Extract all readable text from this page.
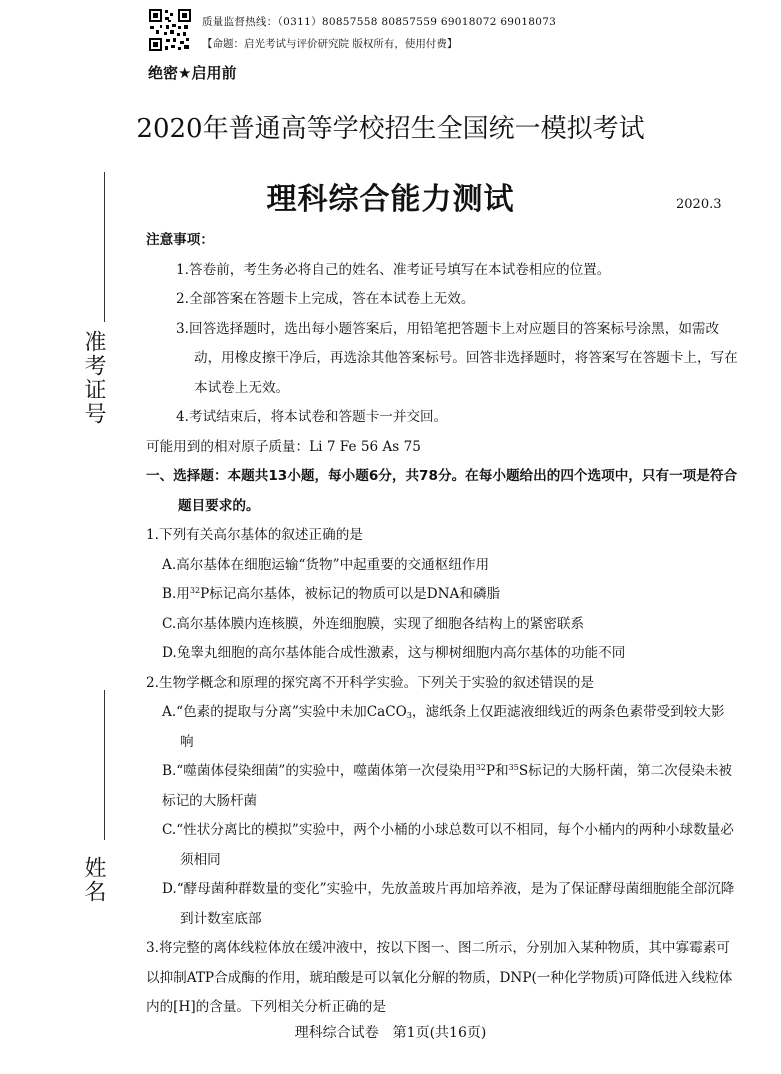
质量监督热线：（0311）80857558 80857559 69018072 69018073
【命题：启光考试与评价研究院 版权所有，使用付费】
绝密★启用前
2020年普通高等学校招生全国统一模拟考试
理科综合能力测试	2020.3
准考证号
姓名

注意事项：

1.答卷前，考生务必将自己的姓名、准考证号填写在本试卷相应的位置。

2.全部答案在答题卡上完成，答在本试卷上无效。

3.回答选择题时，选出每小题答案后，用铅笔把答题卡上对应题目的答案标号涂黑，如需改动，用橡皮擦干净后，再选涂其他答案标号。回答非选择题时，将答案写在答题卡上，写在本试卷上无效。

4.考试结束后，将本试卷和答题卡一并交回。

可能用到的相对原子质量：Li 7 Fe 56 As 75

一、选择题：本题共13小题，每小题6分，共78分。在每小题给出的四个选项中，只有一项是符合题目要求的。

1.下列有关高尔基体的叙述正确的是

A.高尔基体在细胞运输“货物”中起重要的交通枢纽作用

B.用$^{32}$P标记高尔基体，被标记的物质可以是DNA和磷脂

C.高尔基体膜内连核膜，外连细胞膜，实现了细胞各结构上的紧密联系

D.兔睾丸细胞的高尔基体能合成性激素，这与柳树细胞内高尔基体的功能不同

2.生物学概念和原理的探究离不开科学实验。下列关于实验的叙述错误的是

A.“色素的提取与分离”实验中未加CaCO$_3$，滤纸条上仅距滤液细线近的两条色素带受到较大影响

B.“噬菌体侵染细菌”的实验中，噬菌体第一次侵染用$^{32}$P和$^{35}$S标记的大肠杆菌，第二次侵染未被标记的大肠杆菌

C.“性状分离比的模拟”实验中，两个小桶的小球总数可以不相同，每个小桶内的两种小球数量必须相同

D.“酵母菌种群数量的变化”实验中，先放盖玻片再加培养液，是为了保证酵母菌细胞能全部沉降到计数室底部

3.将完整的离体线粒体放在缓冲液中，按以下图一、图二所示，分别加入某种物质，其中寡霉素可以抑制ATP合成酶的作用，琥珀酸是可以氧化分解的物质，DNP(一种化学物质)可降低进入线粒体内的[H]的含量。下列相关分析正确的是

理科综合试卷　第1页(共16页)
